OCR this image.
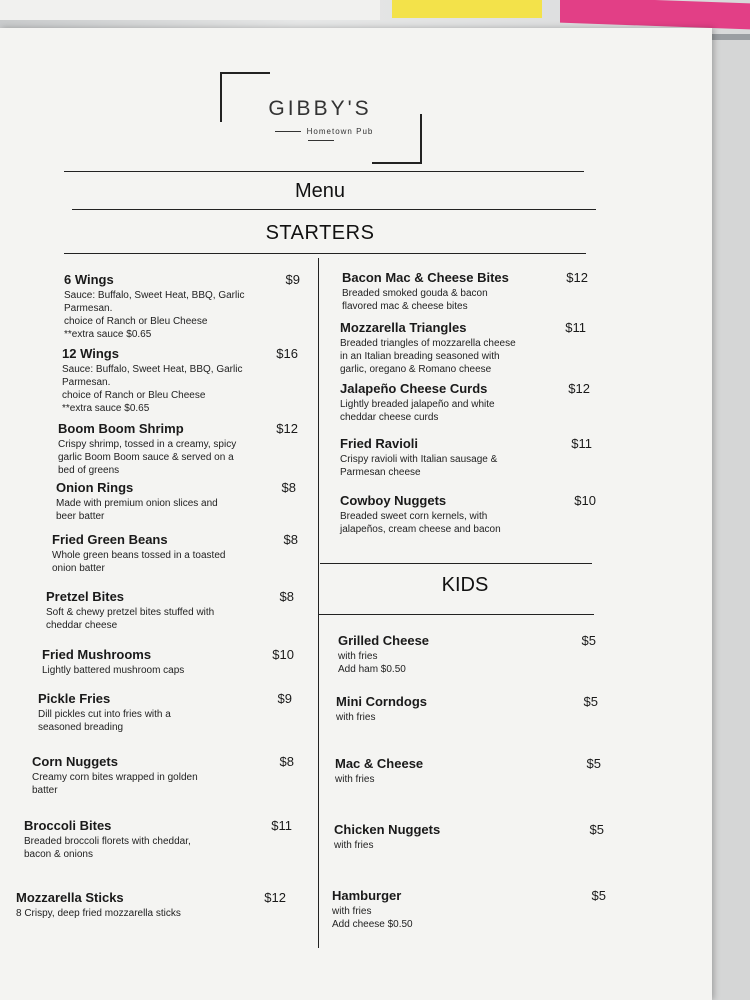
GIBBY'S
Hometown Pub
Menu
STARTERS
KIDS
6 Wings	$9
Sauce: Buffalo, Sweet Heat, BBQ, Garlic
Parmesan.
choice of Ranch or Bleu Cheese
**extra sauce $0.65
12 Wings	$16
Sauce: Buffalo, Sweet Heat, BBQ, Garlic
Parmesan.
choice of Ranch or Bleu Cheese
**extra sauce $0.65
Boom Boom Shrimp	$12
Crispy shrimp, tossed in a creamy, spicy
garlic Boom Boom sauce & served on a
bed of greens
Onion Rings	$8
Made with premium onion slices and
beer batter
Fried Green Beans	$8
Whole green beans tossed in a toasted
onion batter
Pretzel Bites	$8
Soft & chewy pretzel bites stuffed with
cheddar cheese
Fried Mushrooms	$10
Lightly battered mushroom caps
Pickle Fries	$9
Dill pickles cut into fries with a
seasoned breading
Corn Nuggets	$8
Creamy corn bites wrapped in golden
batter
Broccoli Bites	$11
Breaded broccoli florets with cheddar,
bacon & onions
Mozzarella Sticks	$12
8 Crispy, deep fried mozzarella sticks
Bacon Mac & Cheese Bites	$12
Breaded smoked gouda & bacon
flavored mac & cheese bites
Mozzarella Triangles	$11
Breaded triangles of mozzarella cheese
in an Italian breading seasoned with
garlic, oregano & Romano cheese
Jalapeño Cheese Curds	$12
Lightly breaded jalapeño and white
cheddar cheese curds
Fried Ravioli	$11
Crispy ravioli with Italian sausage &
Parmesan cheese
Cowboy Nuggets	$10
Breaded sweet corn kernels, with
jalapeños, cream cheese and bacon
Grilled Cheese	$5
with fries
Add ham $0.50
Mini Corndogs	$5
with fries
Mac & Cheese	$5
with fries
Chicken Nuggets	$5
with fries
Hamburger	$5
with fries
Add cheese $0.50
